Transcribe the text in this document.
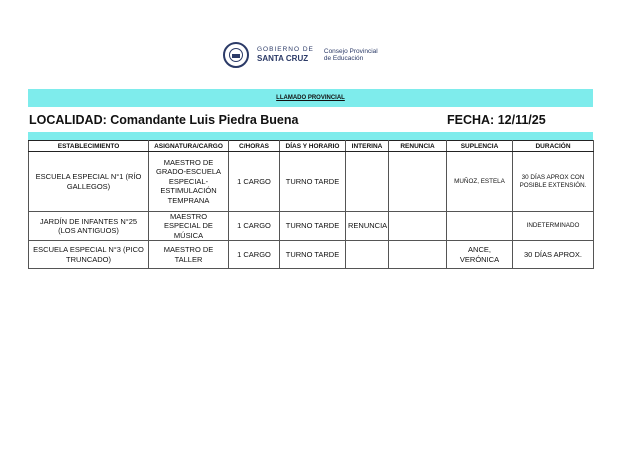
GOBIERNO DE
SANTA CRUZ
Consejo Provincial
de Educación
LLAMADO PROVINCIAL
LOCALIDAD: Comandante Luis Piedra Buena	FECHA: 12/11/25
ESTABLECIMIENTO	ASIGNATURA/CARGO	C/HORAS	DÍAS Y HORARIO	INTERINA	RENUNCIA	SUPLENCIA	DURACIÓN
ESCUELA ESPECIAL N°1 (RÍO GALLEGOS)	MAESTRO DE GRADO-ESCUELA ESPECIAL-ESTIMULACIÓN TEMPRANA	1 CARGO	TURNO TARDE			MUÑOZ, ESTELA	30 DÍAS APROX CON POSIBLE EXTENSIÓN.
JARDÍN DE INFANTES N°25 (LOS ANTIGUOS)	MAESTRO ESPECIAL DE MÚSICA	1 CARGO	TURNO TARDE	RENUNCIA			INDETERMINADO
ESCUELA ESPECIAL N°3 (PICO TRUNCADO)	MAESTRO DE TALLER	1 CARGO	TURNO TARDE			ANCE, VERÓNICA	30 DÍAS APROX.
